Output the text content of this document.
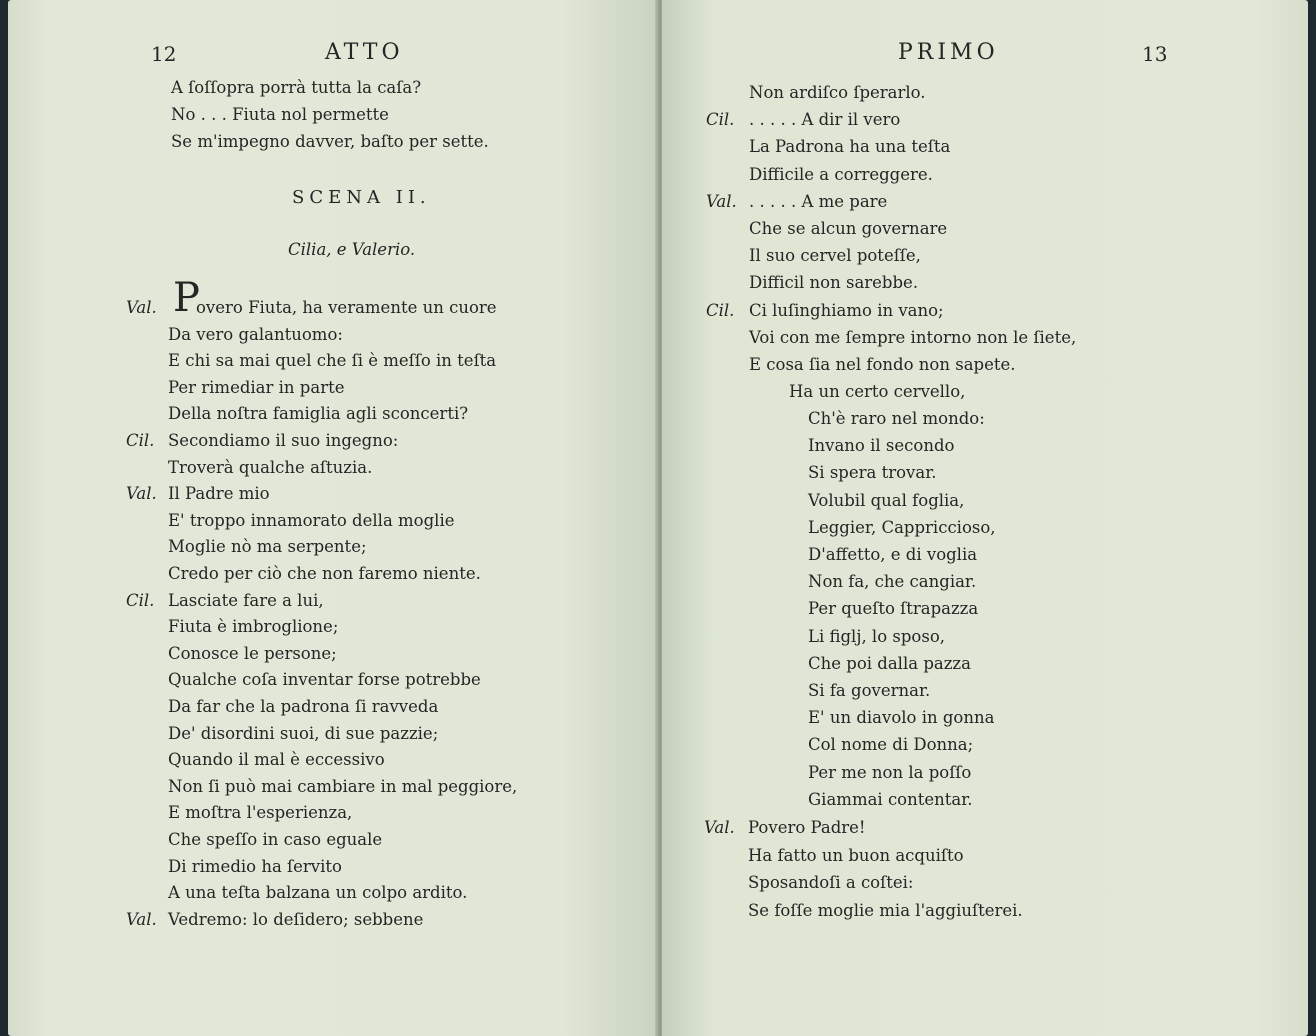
12	ATTO
A ſoſſopra porrà tutta la caſa?
No . . . Fiuta nol permette
Se m'impegno davver, baſto per sette.
SCENA II.
Cilia, e Valerio.
Val. P
overo Fiuta, ha veramente un cuore
Da vero galantuomo:
E chi sa mai quel che ſi è meſſo in teſta
Per rimediar in parte
Della noſtra famiglia agli sconcerti?
Cil. Secondiamo il suo ingegno:
Troverà qualche aſtuzia.
Val. Il Padre mio
E' troppo innamorato della moglie
Moglie nò ma serpente;
Credo per ciò che non faremo niente.
Cil. Lasciate fare a lui,
Fiuta è imbroglione;
Conosce le persone;
Qualche coſa inventar forse potrebbe
Da far che la padrona ſi ravveda
De' disordini suoi, di sue pazzie;
Quando il mal è eccessivo
Non ſi può mai cambiare in mal peggiore,
E moſtra l'esperienza,
Che speſſo in caso eguale
Di rimedio ha ſervito
A una teſta balzana un colpo ardito.
Val. Vedremo: lo deſidero; sebbene
PRIMO	13
Non ardiſco ſperarlo.
Cil. . . . . . A dir il vero
La Padrona ha una teſta
Difficile a correggere.
Val. . . . . . A me pare
Che se alcun governare
Il suo cervel poteſſe,
Difficil non sarebbe.
Cil. Ci luſinghiamo in vano;
Voi con me ſempre intorno non le ſiete,
E cosa ſia nel fondo non sapete.
Ha un certo cervello,
Ch'è raro nel mondo:
Invano il secondo
Si spera trovar.
Volubil qual foglia,
Leggier, Cappriccioso,
D'affetto, e di voglia
Non fa, che cangiar.
Per queſto ſtrapazza
Li figlj, lo sposo,
Che poi dalla pazza
Si fa governar.
E' un diavolo in gonna
Col nome di Donna;
Per me non la poſſo
Giammai contentar.
Val. Povero Padre!
Ha fatto un buon acquiſto
Sposandoſi a coſtei:
Se foſſe moglie mia l'aggiuſterei.
